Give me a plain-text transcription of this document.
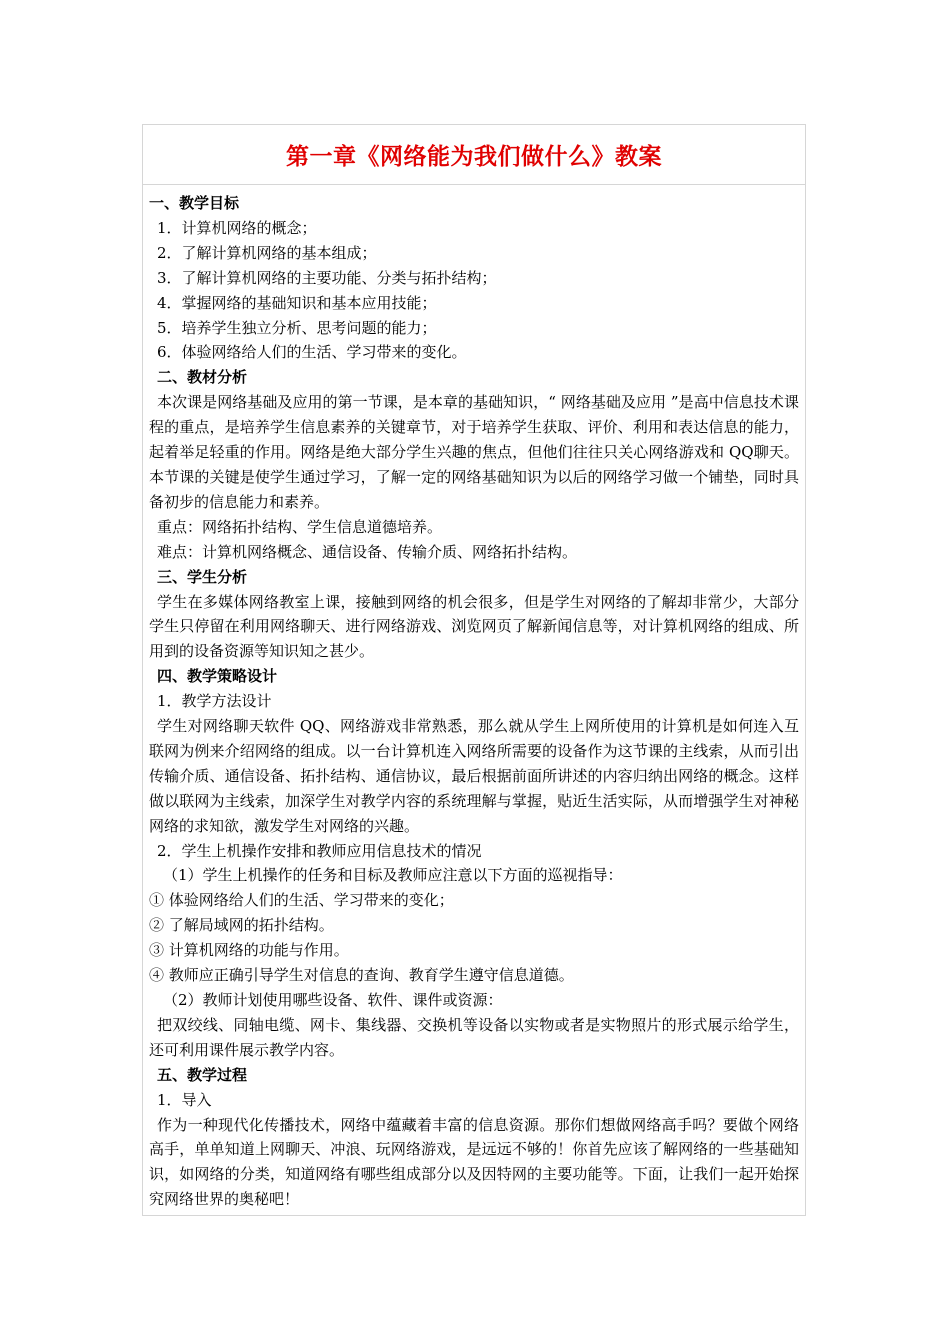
第一章《网络能为我们做什么》教案

一、教学目标

1．计算机网络的概念；

2．了解计算机网络的基本组成；

3．了解计算机网络的主要功能、分类与拓扑结构；

4．掌握网络的基础知识和基本应用技能；

5．培养学生独立分析、思考问题的能力；

6．体验网络给人们的生活、学习带来的变化。

二、教材分析

本次课是网络基础及应用的第一节课，是本章的基础知识，“ 网络基础及应用 ”是高中信息技术课程的重点，是培养学生信息素养的关键章节，对于培养学生获取、评价、利用和表达信息的能力，起着举足轻重的作用。网络是绝大部分学生兴趣的焦点，但他们往往只关心网络游戏和 QQ聊天。本节课的关键是使学生通过学习，了解一定的网络基础知识为以后的网络学习做一个铺垫，同时具备初步的信息能力和素养。

重点：网络拓扑结构、学生信息道德培养。

难点：计算机网络概念、通信设备、传输介质、网络拓扑结构。

三、学生分析

学生在多媒体网络教室上课，接触到网络的机会很多，但是学生对网络的了解却非常少，大部分学生只停留在利用网络聊天、进行网络游戏、浏览网页了解新闻信息等，对计算机网络的组成、所用到的设备资源等知识知之甚少。

四、教学策略设计

1．教学方法设计

学生对网络聊天软件 QQ、网络游戏非常熟悉，那么就从学生上网所使用的计算机是如何连入互联网为例来介绍网络的组成。以一台计算机连入网络所需要的设备作为这节课的主线索，从而引出传输介质、通信设备、拓扑结构、通信协议，最后根据前面所讲述的内容归纳出网络的概念。这样做以联网为主线索，加深学生对教学内容的系统理解与掌握，贴近生活实际，从而增强学生对神秘网络的求知欲，激发学生对网络的兴趣。

2．学生上机操作安排和教师应用信息技术的情况

（1）学生上机操作的任务和目标及教师应注意以下方面的巡视指导：

① 体验网络给人们的生活、学习带来的变化；

② 了解局域网的拓扑结构。

③ 计算机网络的功能与作用。

④ 教师应正确引导学生对信息的查询、教育学生遵守信息道德。

（2）教师计划使用哪些设备、软件、课件或资源：

把双绞线、同轴电缆、网卡、集线器、交换机等设备以实物或者是实物照片的形式展示给学生，还可利用课件展示教学内容。

五、教学过程

1．导入

作为一种现代化传播技术，网络中蕴藏着丰富的信息资源。那你们想做网络高手吗？要做个网络高手，单单知道上网聊天、冲浪、玩网络游戏，是远远不够的！你首先应该了解网络的一些基础知识，如网络的分类，知道网络有哪些组成部分以及因特网的主要功能等。下面，让我们一起开始探究网络世界的奥秘吧！
